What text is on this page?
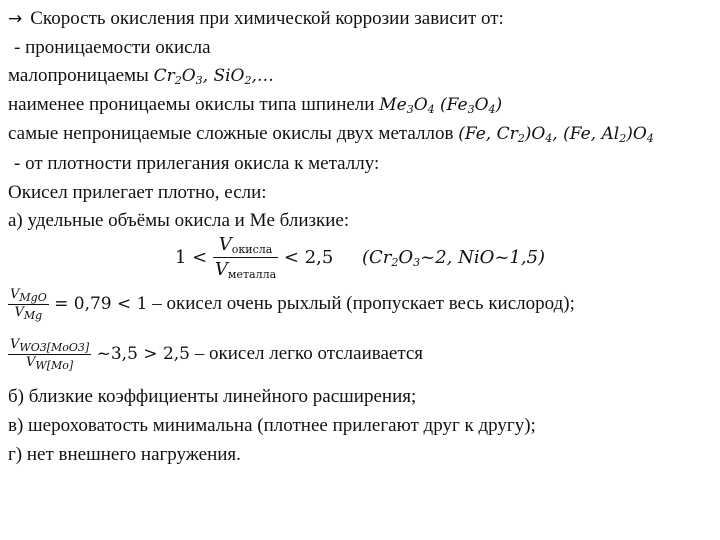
→ Скорость окисления при химической коррозии зависит от:
- проницаемости окисла
малопроницаемы $Cr_2O_3$, SiO$_2$,…
наименее проницаемы окислы типа шпинели $Me_3O_4$ $(Fe_3O_4)$
самые непроницаемые сложные окислы двух металлов (Fe, $Cr_2)O_4$, (Fe, $Al_2)O_4$
- от плотности прилегания окисла к металлу:
Окисел прилегает плотно, если:
а) удельные объёмы окисла и Me близкие:
$1 < \frac{V_{окисла}}{V_{металла}} < 2,5$ ($Cr_2O_3\sim 2$, NiO~1,5)
$\frac{V_{MgO}}{V_{Mg}} = 0,79 < 1$ – окисел очень рыхлый (пропускает весь кислород);
$\frac{V_{WO3[MoO3]}}{V_{W[Mo]}}$ ~3,5 > 2,5 – окисел легко отслаивается
б) близкие коэффициенты линейного расширения;
в) шероховатость минимальна (плотнее прилегают друг к другу);
г) нет внешнего нагружения.
